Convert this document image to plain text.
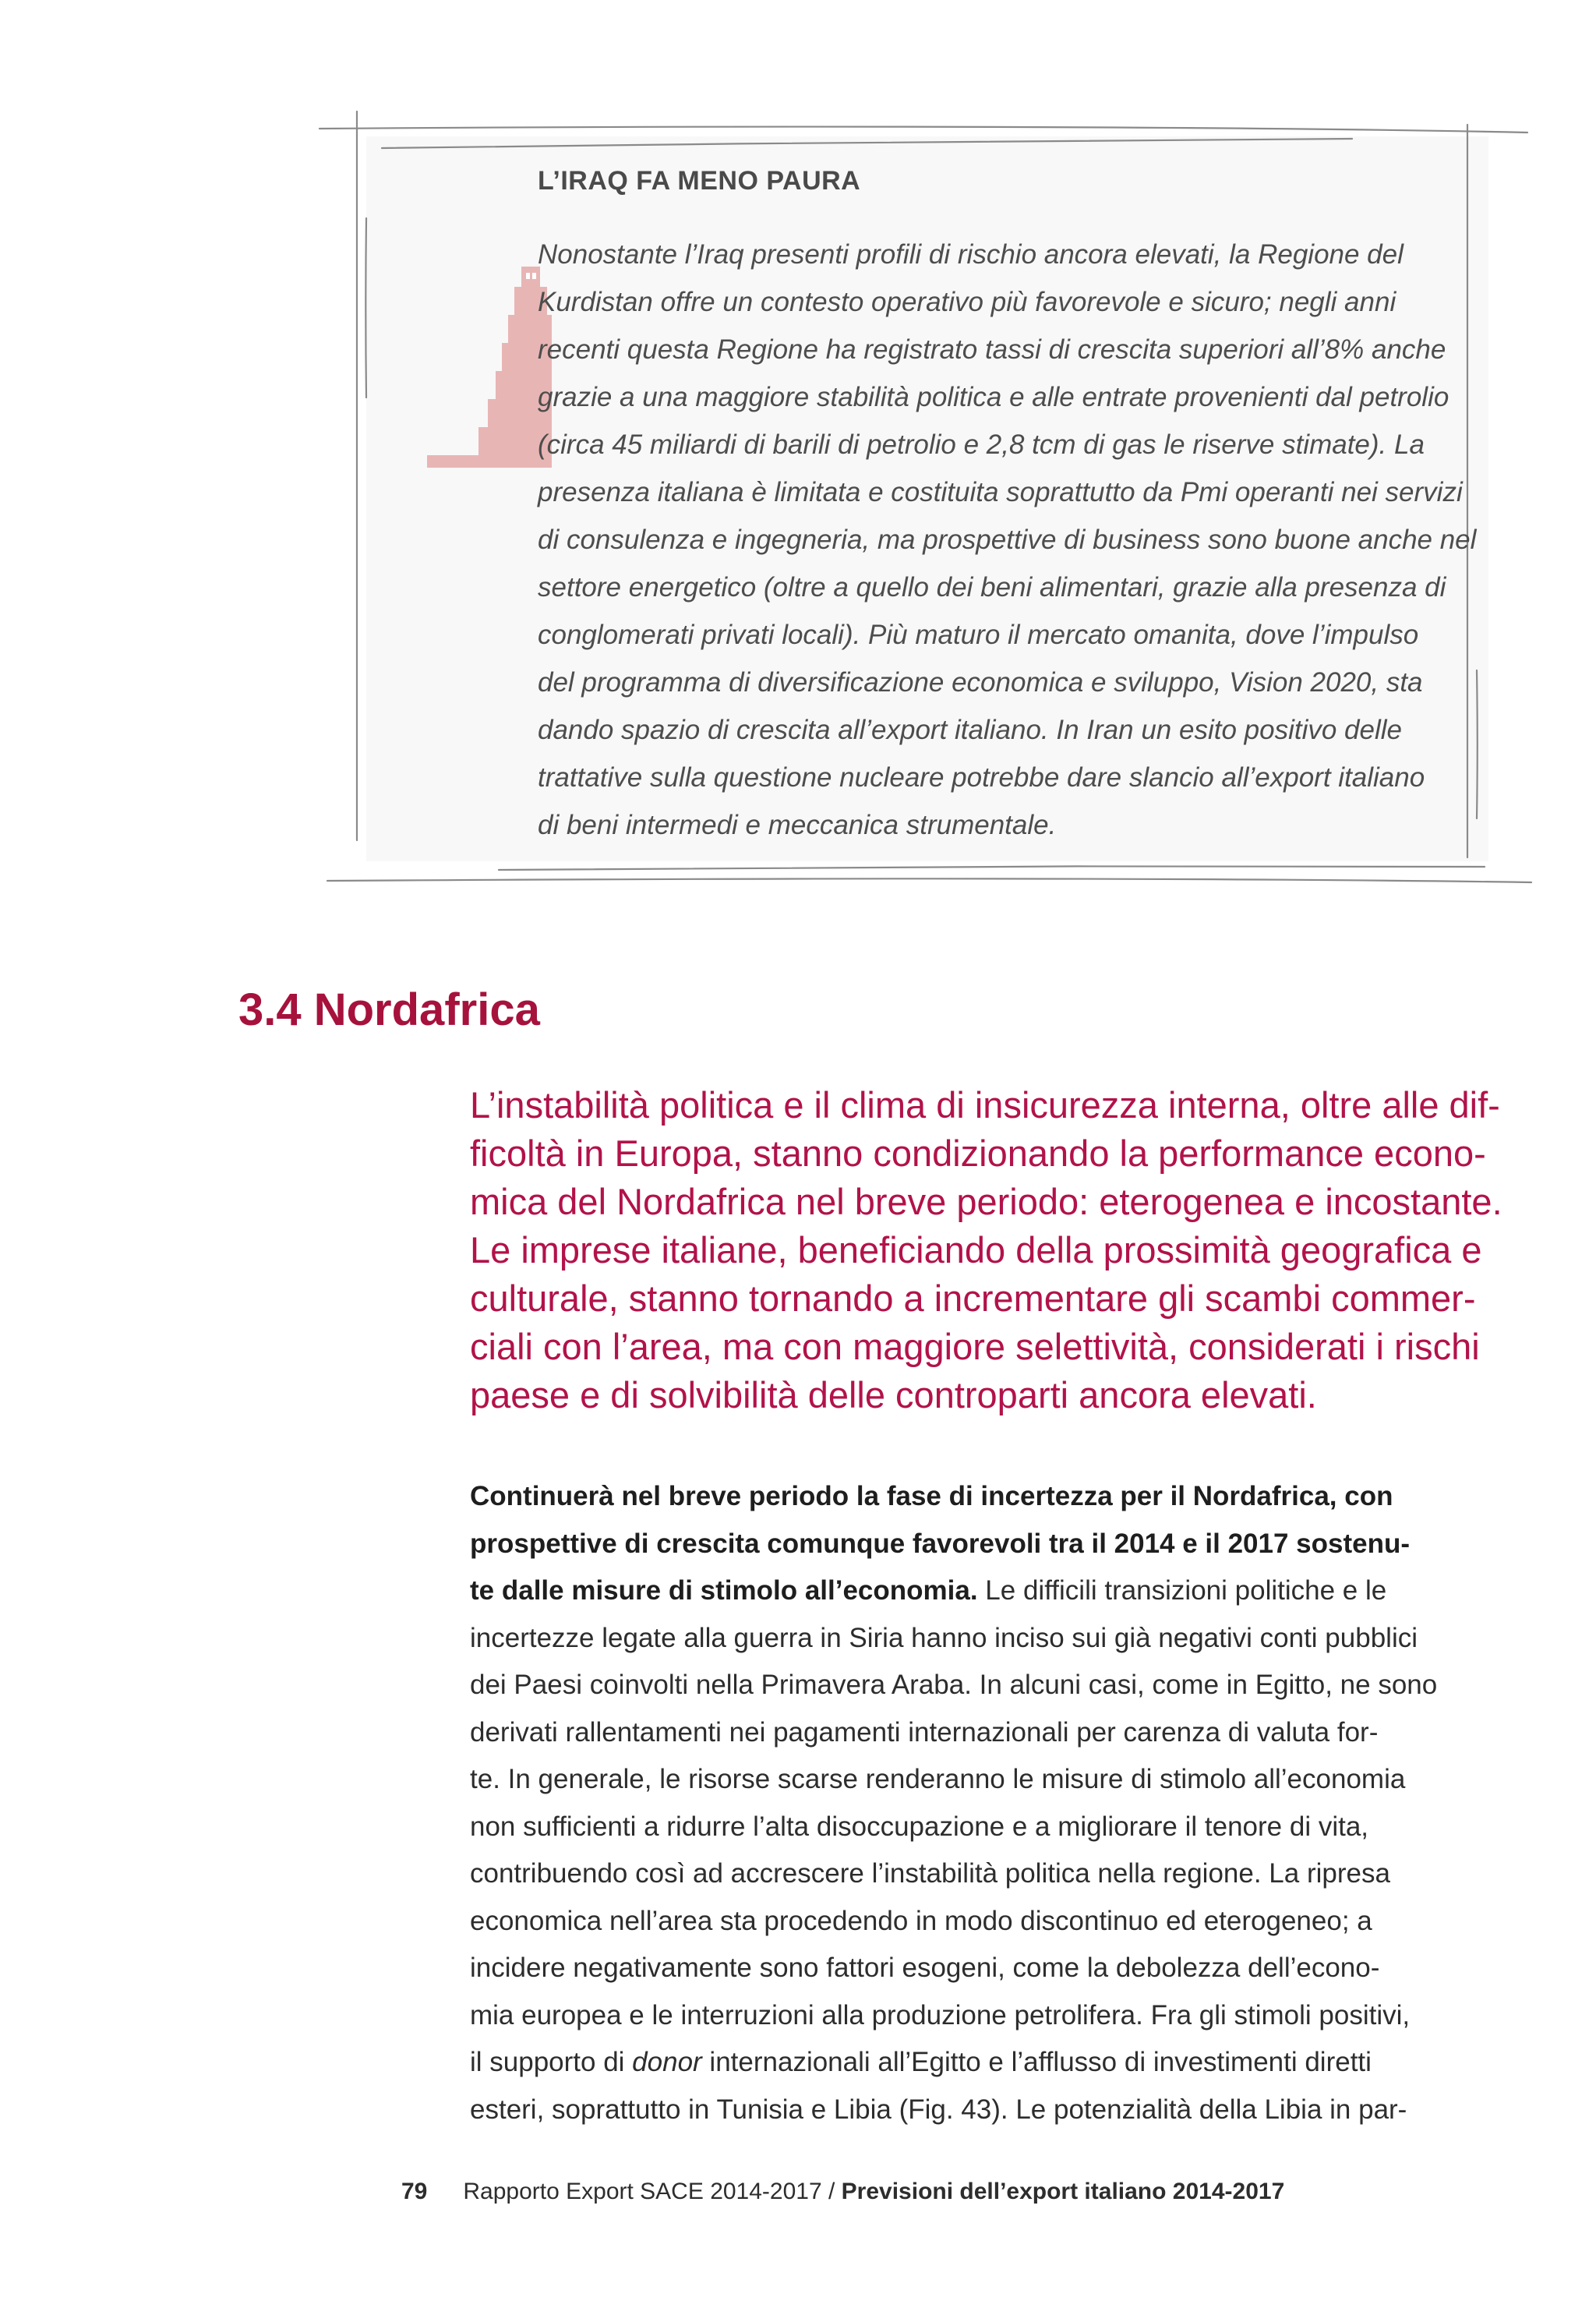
L’IRAQ FA MENO PAURA

Nonostante l’Iraq presenti profili di rischio ancora elevati, la Regione del
Kurdistan offre un contesto operativo più favorevole e sicuro; negli anni
recenti questa Regione ha registrato tassi di crescita superiori all’8% anche
grazie a una maggiore stabilità politica e alle entrate provenienti dal petrolio
(circa 45 miliardi di barili di petrolio e 2,8 tcm di gas le riserve stimate). La
presenza italiana è limitata e costituita soprattutto da Pmi operanti nei servizi
di consulenza e ingegneria, ma prospettive di business sono buone anche nel
settore energetico (oltre a quello dei beni alimentari, grazie alla presenza di
conglomerati privati locali). Più maturo il mercato omanita, dove l’impulso
del programma di diversificazione economica e sviluppo, Vision 2020, sta
dando spazio di crescita all’export italiano. In Iran un esito positivo delle
trattative sulla questione nucleare potrebbe dare slancio all’export italiano
di beni intermedi e meccanica strumentale.

3.4 Nordafrica

L’instabilità politica e il clima di insicurezza interna, oltre alle dif-
ficoltà in Europa, stanno condizionando la performance econo-
mica del Nordafrica nel breve periodo: eterogenea e incostante.
Le imprese italiane, beneficiando della prossimità geografica e
culturale, stanno tornando a incrementare gli scambi commer-
ciali con l’area, ma con maggiore selettività, considerati i rischi
paese e di solvibilità delle controparti ancora elevati.

Continuerà nel breve periodo la fase di incertezza per il Nordafrica, con
prospettive di crescita comunque favorevoli tra il 2014 e il 2017 sostenu-
te dalle misure di stimolo all’economia. Le difficili transizioni politiche e le
incertezze legate alla guerra in Siria hanno inciso sui già negativi conti pubblici
dei Paesi coinvolti nella Primavera Araba. In alcuni casi, come in Egitto, ne sono
derivati rallentamenti nei pagamenti internazionali per carenza di valuta for-
te. In generale, le risorse scarse renderanno le misure di stimolo all’economia
non sufficienti a ridurre l’alta disoccupazione e a migliorare il tenore di vita,
contribuendo così ad accrescere l’instabilità politica nella regione. La ripresa
economica nell’area sta procedendo in modo discontinuo ed eterogeneo; a
incidere negativamente sono fattori esogeni, come la debolezza dell’econo-
mia europea e le interruzioni alla produzione petrolifera. Fra gli stimoli positivi,
il supporto di donor internazionali all’Egitto e l’afflusso di investimenti diretti
esteri, soprattutto in Tunisia e Libia (Fig. 43). Le potenzialità della Libia in par-

79 Rapporto Export SACE 2014-2017 / Previsioni dell’export italiano 2014-2017
